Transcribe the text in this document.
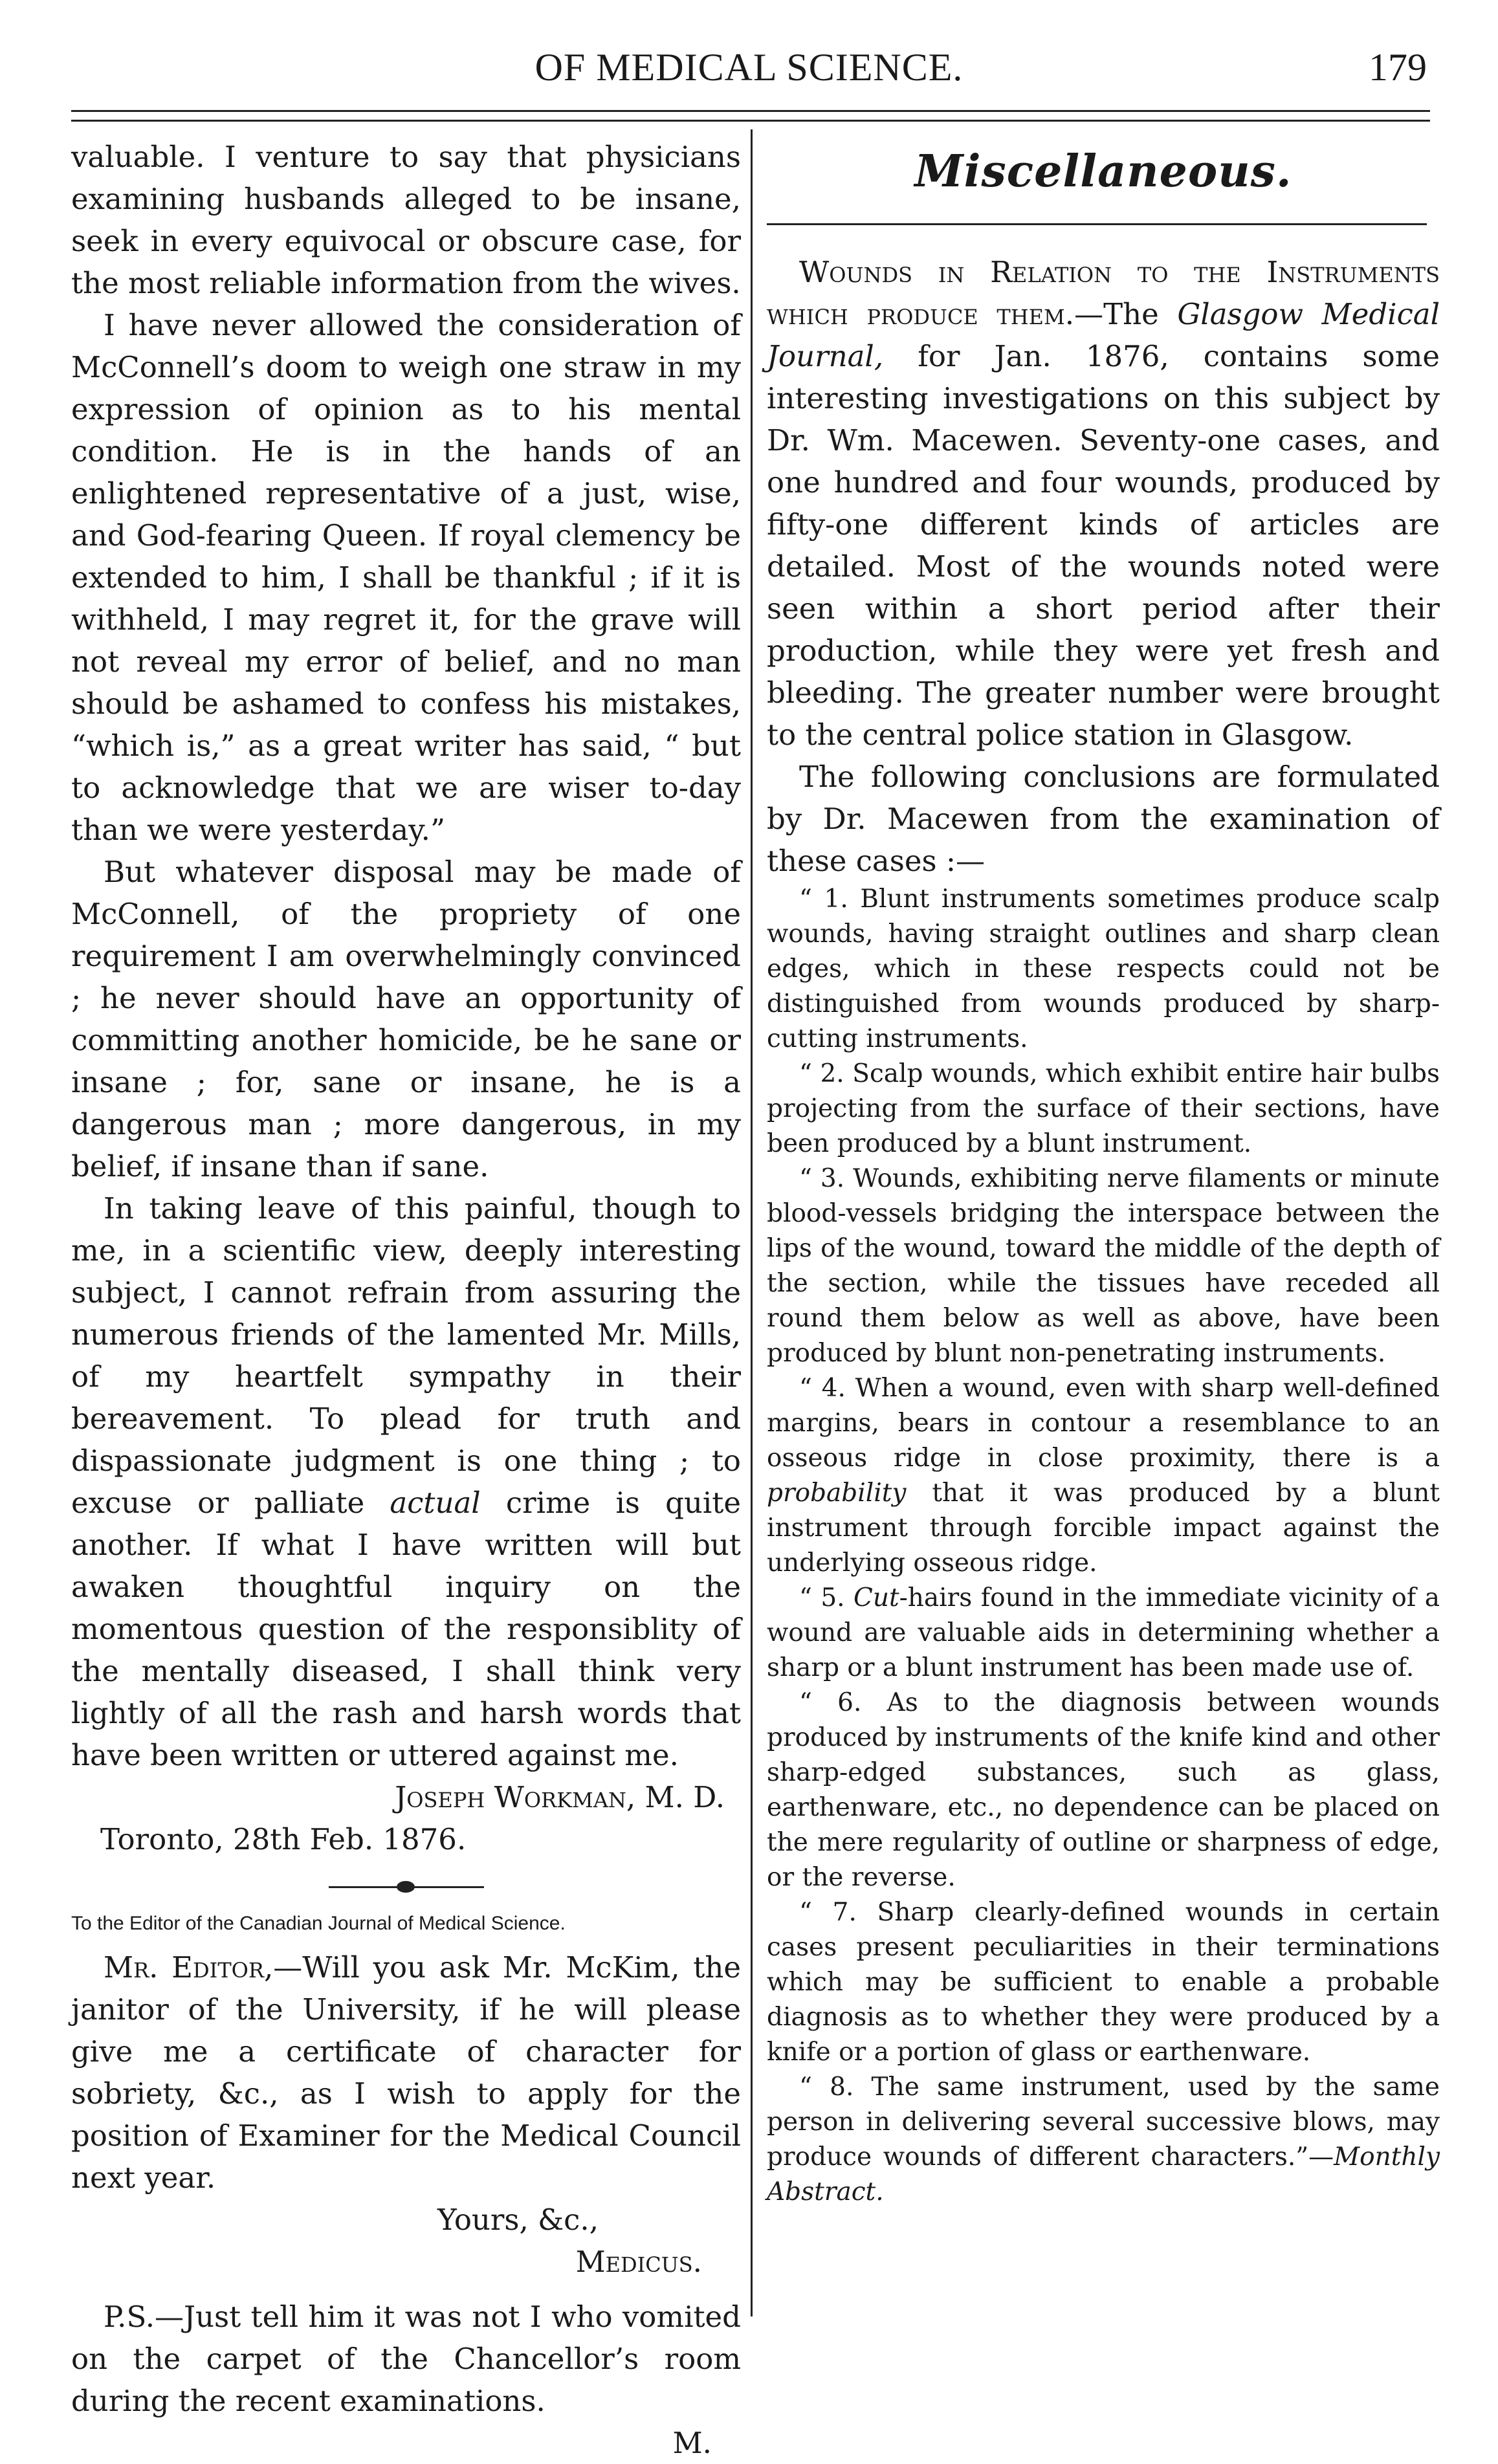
OF MEDICAL SCIENCE.	179

valuable. I venture to say that physicians examining husbands alleged to be insane, seek in every equivocal or obscure case, for the most reliable information from the wives.

I have never allowed the consideration of McConnell’s doom to weigh one straw in my expression of opinion as to his mental condition. He is in the hands of an enlightened representative of a just, wise, and God-fearing Queen. If royal clemency be extended to him, I shall be thankful ; if it is withheld, I may regret it, for the grave will not reveal my error of belief, and no man should be ashamed to confess his mistakes, “which is,” as a great writer has said, “ but to acknowledge that we are wiser to-day than we were yesterday.”

But whatever disposal may be made of McConnell, of the propriety of one requirement I am overwhelmingly convinced ; he never should have an opportunity of committing another homicide, be he sane or insane ; for, sane or insane, he is a dangerous man ; more dangerous, in my belief, if insane than if sane.

In taking leave of this painful, though to me, in a scientific view, deeply interesting subject, I cannot refrain from assuring the numerous friends of the lamented Mr. Mills, of my heartfelt sympathy in their bereavement. To plead for truth and dispassionate judgment is one thing ; to excuse or palliate actual crime is quite another. If what I have written will but awaken thoughtful inquiry on the momentous question of the responsiblity of the mentally diseased, I shall think very lightly of all the rash and harsh words that have been written or uttered against me.

Joseph Workman, M. D.

Toronto, 28th Feb. 1876.

To the Editor of the Canadian Journal of Medical Science.

Mr. Editor,—Will you ask Mr. McKim, the janitor of the University, if he will please give me a certificate of character for sobriety, &c., as I wish to apply for the position of Examiner for the Medical Council next year.

Yours, &c.,

Medicus.

P.S.—Just tell him it was not I who vomited on the carpet of the Chancellor’s room during the recent examinations.

M.

Miscellaneous.

Wounds in Relation to the Instruments which produce them.—The Glasgow Medical Journal, for Jan. 1876, contains some interesting investigations on this subject by Dr. Wm. Macewen. Seventy-one cases, and one hundred and four wounds, produced by fifty-one different kinds of articles are detailed. Most of the wounds noted were seen within a short period after their production, while they were yet fresh and bleeding. The greater number were brought to the central police station in Glasgow.

The following conclusions are formulated by Dr. Macewen from the examination of these cases :—

“ 1. Blunt instruments sometimes produce scalp wounds, having straight outlines and sharp clean edges, which in these respects could not be distinguished from wounds produced by sharp-cutting instruments.

“ 2. Scalp wounds, which exhibit entire hair bulbs projecting from the surface of their sections, have been produced by a blunt instrument.

“ 3. Wounds, exhibiting nerve filaments or minute blood-vessels bridging the interspace between the lips of the wound, toward the middle of the depth of the section, while the tissues have receded all round them below as well as above, have been produced by blunt non-penetrating instruments.

“ 4. When a wound, even with sharp well-defined margins, bears in contour a resemblance to an osseous ridge in close proximity, there is a probability that it was produced by a blunt instrument through forcible impact against the underlying osseous ridge.

“ 5. Cut-hairs found in the immediate vicinity of a wound are valuable aids in determining whether a sharp or a blunt instrument has been made use of.

“ 6. As to the diagnosis between wounds produced by instruments of the knife kind and other sharp-edged substances, such as glass, earthenware, etc., no dependence can be placed on the mere regularity of outline or sharpness of edge, or the reverse.

“ 7. Sharp clearly-defined wounds in certain cases present peculiarities in their terminations which may be sufficient to enable a probable diagnosis as to whether they were produced by a knife or a portion of glass or earthenware.

“ 8. The same instrument, used by the same person in delivering several successive blows, may produce wounds of different characters.”—Monthly Abstract.
